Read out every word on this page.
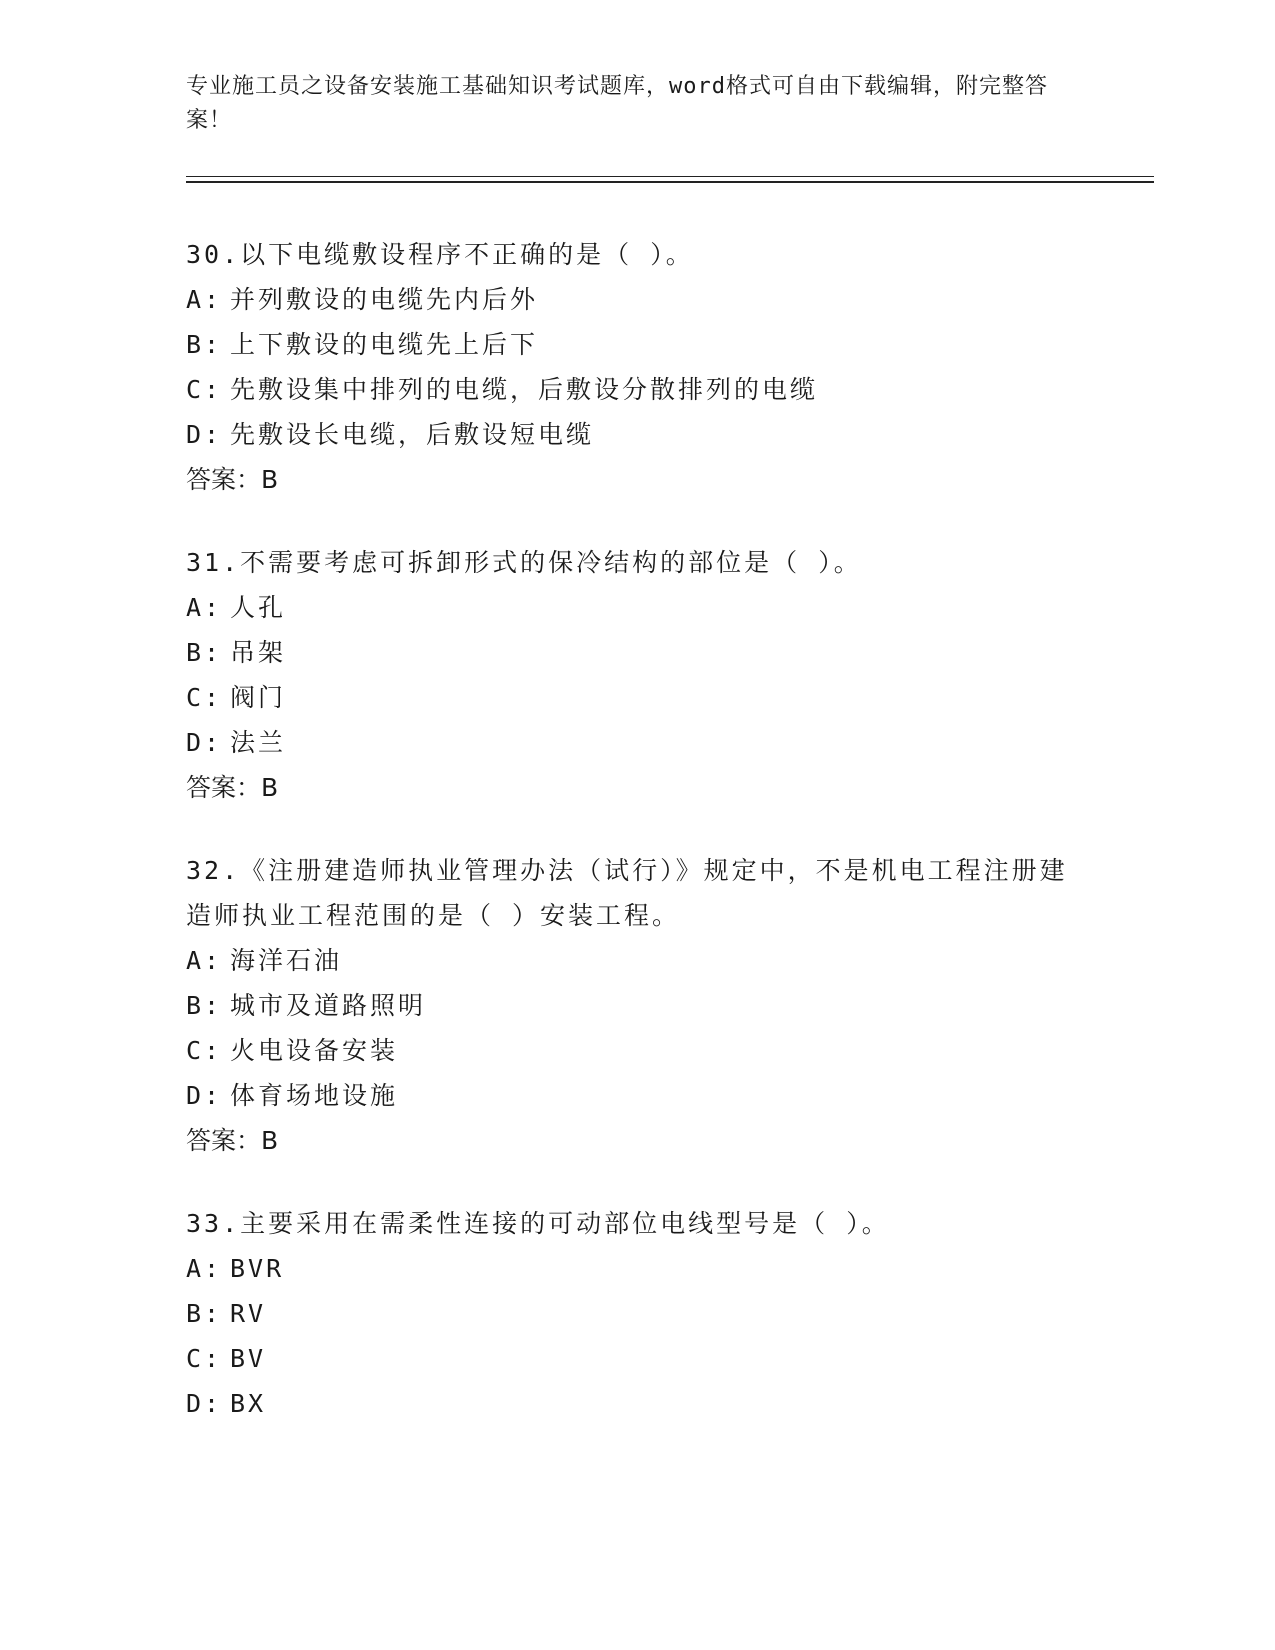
专业施工员之设备安装施工基础知识考试题库，word格式可自由下载编辑，附完整答案！

30.以下电缆敷设程序不正确的是（ ）。

A: 并列敷设的电缆先内后外

B: 上下敷设的电缆先上后下

C: 先敷设集中排列的电缆，后敷设分散排列的电缆

D: 先敷设长电缆，后敷设短电缆

答案：B

31.不需要考虑可拆卸形式的保冷结构的部位是（ ）。

A: 人孔

B: 吊架

C: 阀门

D: 法兰

答案：B

32.《注册建造师执业管理办法（试行）》规定中，不是机电工程注册建造师执业工程范围的是（ ）安装工程。

A: 海洋石油

B: 城市及道路照明

C: 火电设备安装

D: 体育场地设施

答案：B

33.主要采用在需柔性连接的可动部位电线型号是（ ）。

A: BVR

B: RV

C: BV

D: BX
